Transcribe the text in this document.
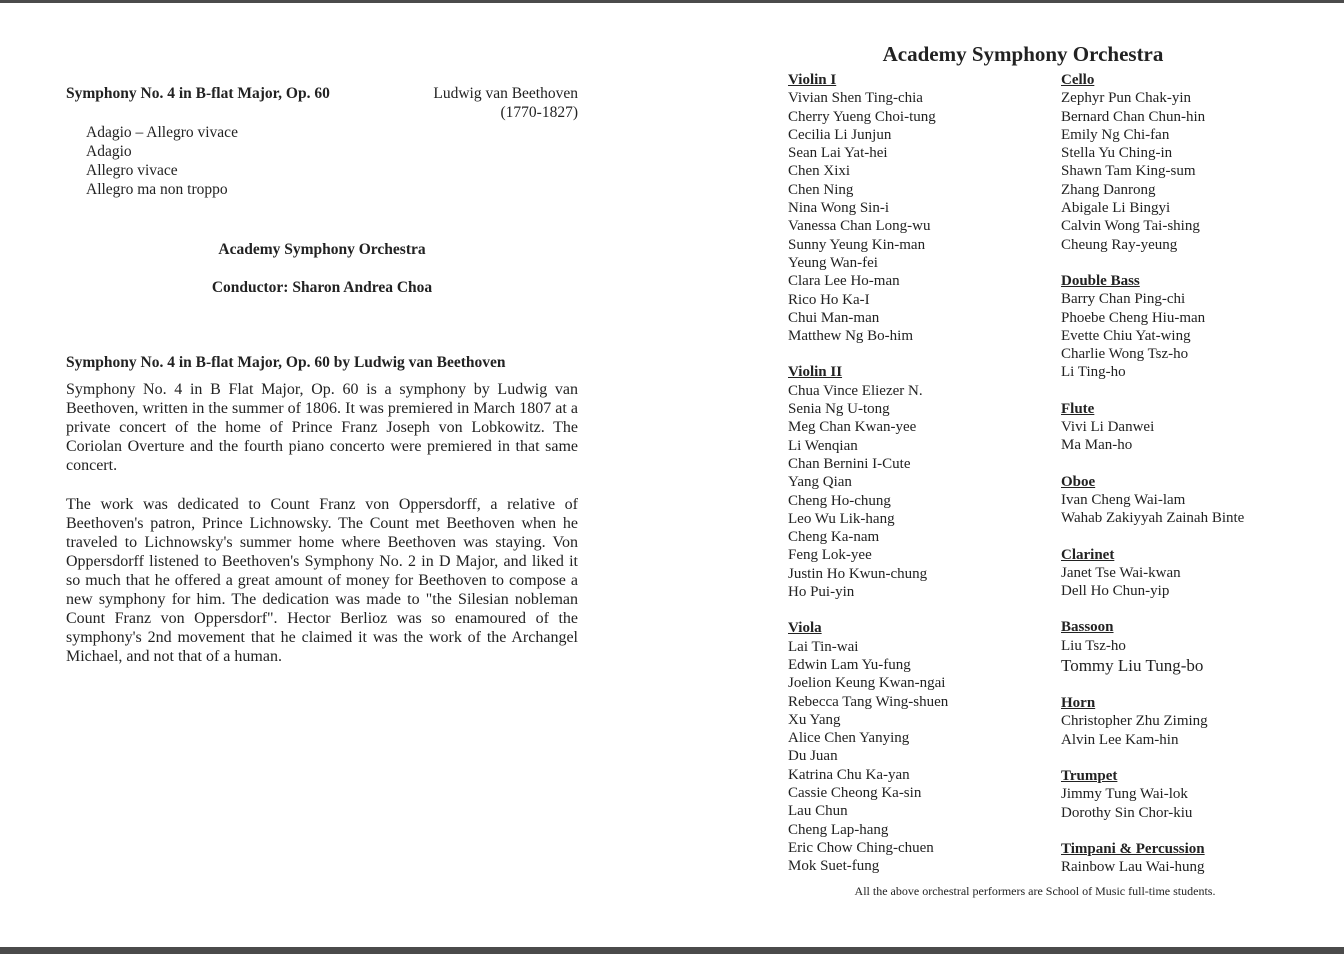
Symphony No. 4 in B-flat Major, Op. 60	Ludwig van Beethoven
(1770-1827)
Adagio – Allegro vivace
Adagio
Allegro vivace
Allegro ma non troppo
Academy Symphony Orchestra
Conductor: Sharon Andrea Choa
Symphony No. 4 in B-flat Major, Op. 60 by Ludwig van Beethoven

Symphony No. 4 in B Flat Major, Op. 60 is a symphony by Ludwig van Beethoven, written in the summer of 1806. It was premiered in March 1807 at a private concert of the home of Prince Franz Joseph von Lobkowitz. The Coriolan Overture and the fourth piano concerto were premiered in that same concert.

The work was dedicated to Count Franz von Oppersdorff, a relative of Beethoven's patron, Prince Lichnowsky. The Count met Beethoven when he traveled to Lichnowsky's summer home where Beethoven was staying. Von Oppersdorff listened to Beethoven's Symphony No. 2 in D Major, and liked it so much that he offered a great amount of money for Beethoven to compose a new symphony for him. The dedication was made to "the Silesian nobleman Count Franz von Oppersdorf". Hector Berlioz was so enamoured of the symphony's 2nd movement that he claimed it was the work of the Archangel Michael, and not that of a human.

Academy Symphony Orchestra
Violin I
Vivian Shen Ting-chia
Cherry Yueng Choi-tung
Cecilia Li Junjun
Sean Lai Yat-hei
Chen Xixi
Chen Ning
Nina Wong Sin-i
Vanessa Chan Long-wu
Sunny Yeung Kin-man
Yeung Wan-fei
Clara Lee Ho-man
Rico Ho Ka-I
Chui Man-man
Matthew Ng Bo-him
Violin II
Chua Vince Eliezer N.
Senia Ng U-tong
Meg Chan Kwan-yee
Li Wenqian
Chan Bernini I-Cute
Yang Qian
Cheng Ho-chung
Leo Wu Lik-hang
Cheng Ka-nam
Feng Lok-yee
Justin Ho Kwun-chung
Ho Pui-yin
Viola
Lai Tin-wai
Edwin Lam Yu-fung
Joelion Keung Kwan-ngai
Rebecca Tang Wing-shuen
Xu Yang
Alice Chen Yanying
Du Juan
Katrina Chu Ka-yan
Cassie Cheong Ka-sin
Lau Chun
Cheng Lap-hang
Eric Chow Ching-chuen
Mok Suet-fung
Cello
Zephyr Pun Chak-yin
Bernard Chan Chun-hin
Emily Ng Chi-fan
Stella Yu Ching-in
Shawn Tam King-sum
Zhang Danrong
Abigale Li Bingyi
Calvin Wong Tai-shing
Cheung Ray-yeung
Double Bass
Barry Chan Ping-chi
Phoebe Cheng Hiu-man
Evette Chiu Yat-wing
Charlie Wong Tsz-ho
Li Ting-ho
Flute
Vivi Li Danwei
Ma Man-ho
Oboe
Ivan Cheng Wai-lam
Wahab Zakiyyah Zainah Binte
Clarinet
Janet Tse Wai-kwan
Dell Ho Chun-yip
Bassoon
Liu Tsz-ho
Tommy Liu Tung-bo
Horn
Christopher Zhu Ziming
Alvin Lee Kam-hin
Trumpet
Jimmy Tung Wai-lok
Dorothy Sin Chor-kiu
Timpani & Percussion
Rainbow Lau Wai-hung
All the above orchestral performers are School of Music full-time students.
